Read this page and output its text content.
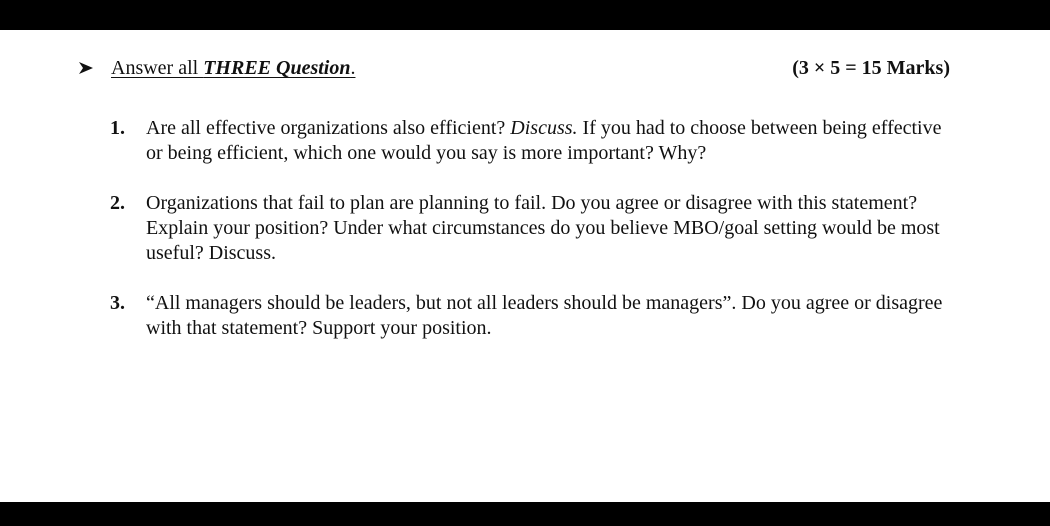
Answer all THREE Question.	(3 × 5 = 15 Marks)
1. Are all effective organizations also efficient? Discuss. If you had to choose between being effective or being efficient, which one would you say is more important? Why?
2. Organizations that fail to plan are planning to fail. Do you agree or disagree with this statement? Explain your position? Under what circumstances do you believe MBO/goal setting would be most useful? Discuss.
3. “All managers should be leaders, but not all leaders should be managers”. Do you agree or disagree with that statement? Support your position.
